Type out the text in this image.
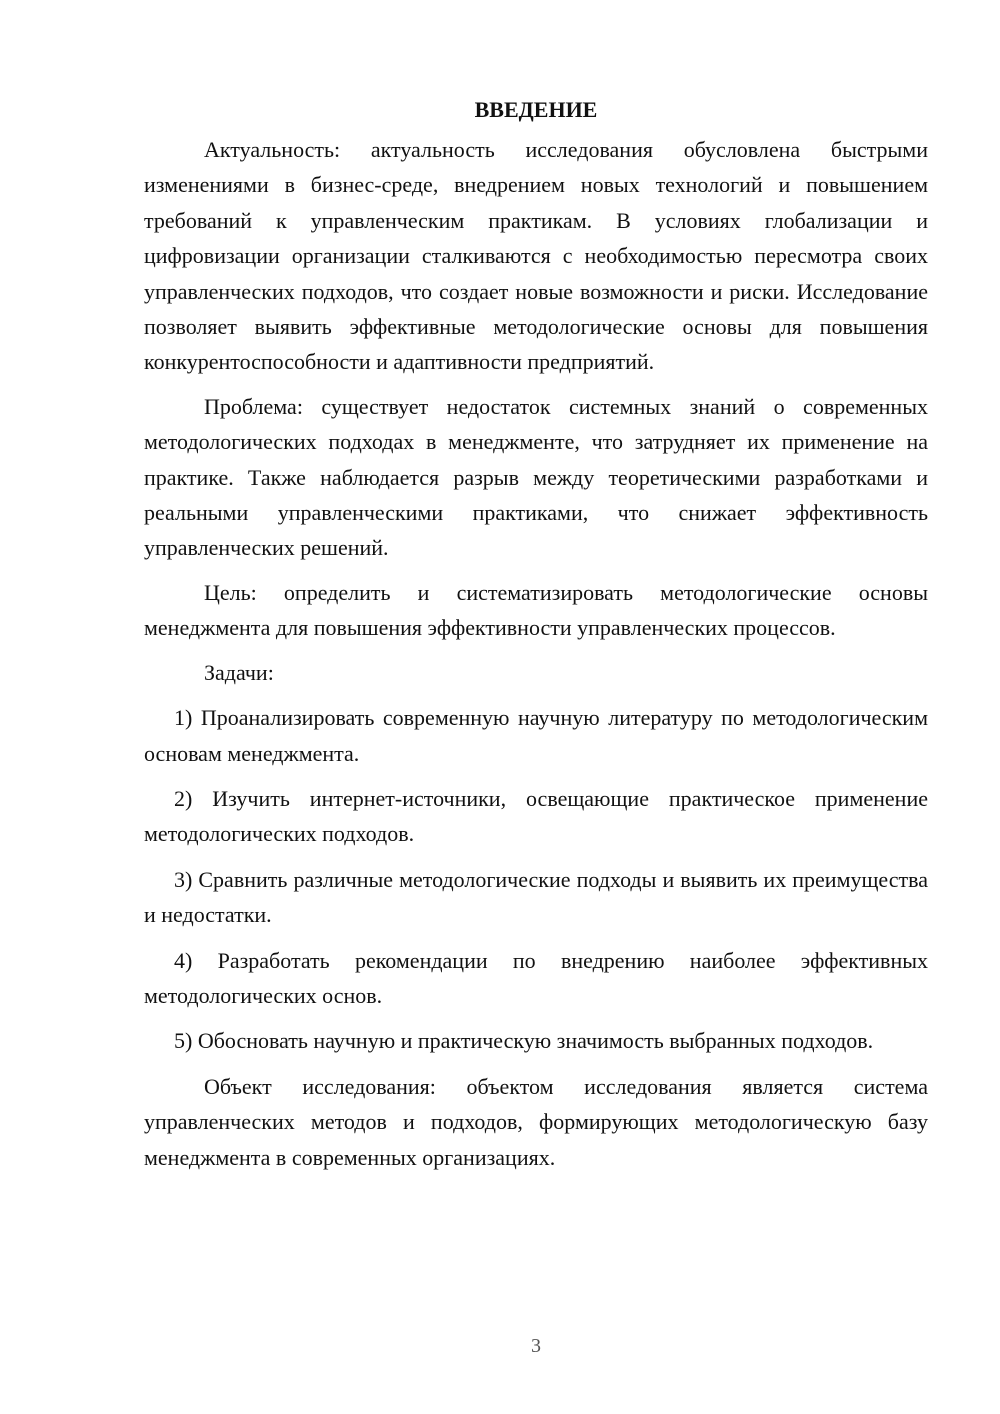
ВВЕДЕНИЕ

Актуальность: актуальность исследования обусловлена быстрыми изменениями в бизнес-среде, внедрением новых технологий и повышением требований к управленческим практикам. В условиях глобализации и цифровизации организации сталкиваются с необходимостью пересмотра своих управленческих подходов, что создает новые возможности и риски. Исследование позволяет выявить эффективные методологические основы для повышения конкурентоспособности и адаптивности предприятий.

Проблема: существует недостаток системных знаний о современных методологических подходах в менеджменте, что затрудняет их применение на практике. Также наблюдается разрыв между теоретическими разработками и реальными управленческими практиками, что снижает эффективность управленческих решений.

Цель: определить и систематизировать методологические основы менеджмента для повышения эффективности управленческих процессов.

Задачи:

1) Проанализировать современную научную литературу по методологическим основам менеджмента.

2) Изучить интернет-источники, освещающие практическое применение методологических подходов.

3) Сравнить различные методологические подходы и выявить их преимущества и недостатки.

4) Разработать рекомендации по внедрению наиболее эффективных методологических основ.

5) Обосновать научную и практическую значимость выбранных подходов.

Объект исследования: объектом исследования является система управленческих методов и подходов, формирующих методологическую базу менеджмента в современных организациях.

3
